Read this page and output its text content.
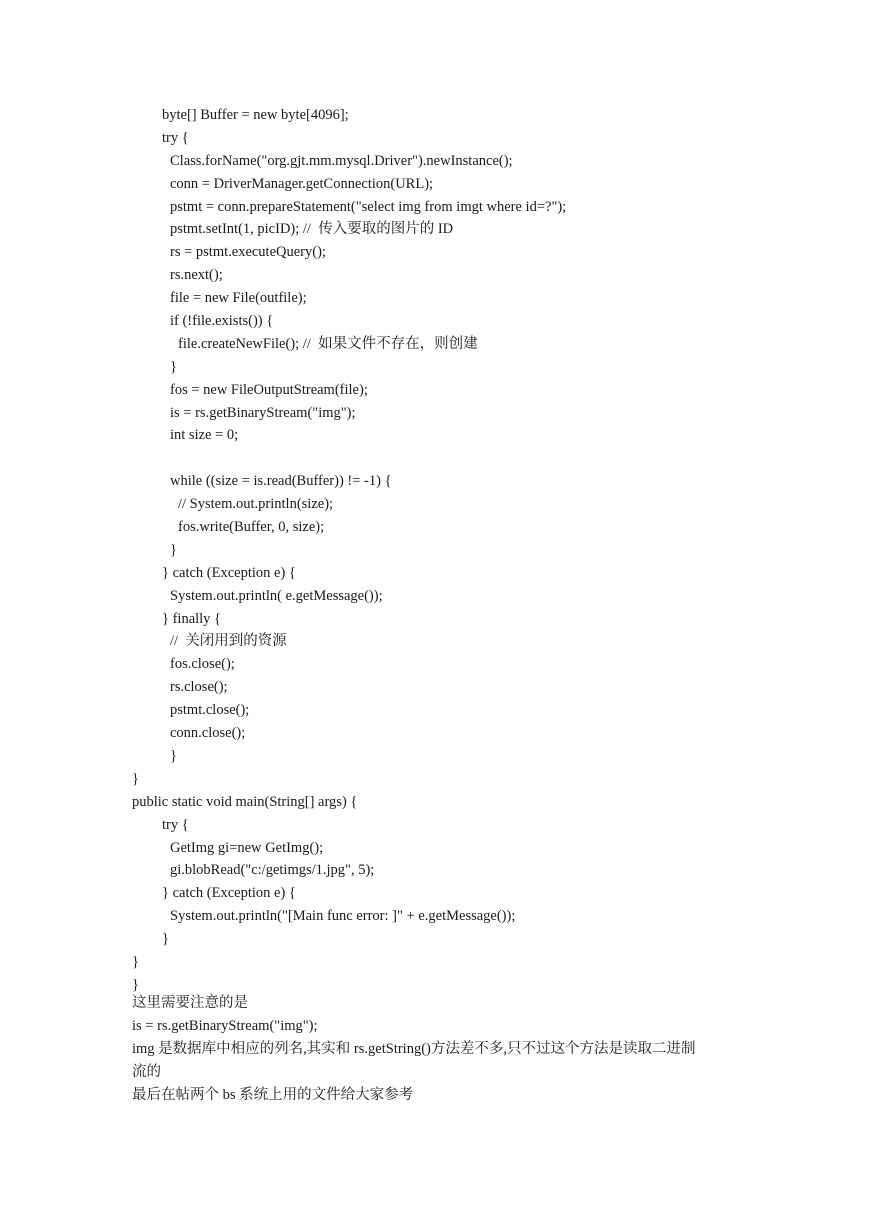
byte[] Buffer = new byte[4096];
try {
Class.forName("org.gjt.mm.mysql.Driver").newInstance();
conn = DriverManager.getConnection(URL);
pstmt = conn.prepareStatement("select img from imgt where id=?");
pstmt.setInt(1, picID); //  传入要取的图片的 ID
rs = pstmt.executeQuery();
rs.next();
file = new File(outfile);
if (!file.exists()) {
file.createNewFile(); //  如果文件不存在，则创建
}
fos = new FileOutputStream(file);
is = rs.getBinaryStream("img");
int size = 0;
while ((size = is.read(Buffer)) != -1) {
// System.out.println(size);
fos.write(Buffer, 0, size);
}
} catch (Exception e) {
System.out.println( e.getMessage());
} finally {
//  关闭用到的资源
fos.close();
rs.close();
pstmt.close();
conn.close();
}
}
public static void main(String[] args) {
try {
GetImg gi=new GetImg();
gi.blobRead("c:/getimgs/1.jpg", 5);
} catch (Exception e) {
System.out.println("[Main func error: ]" + e.getMessage());
}
}
}
这里需要注意的是
is = rs.getBinaryStream("img");
img 是数据库中相应的列名,其实和 rs.getString()方法差不多,只不过这个方法是读取二进制
流的
最后在帖两个 bs 系统上用的文件给大家参考
